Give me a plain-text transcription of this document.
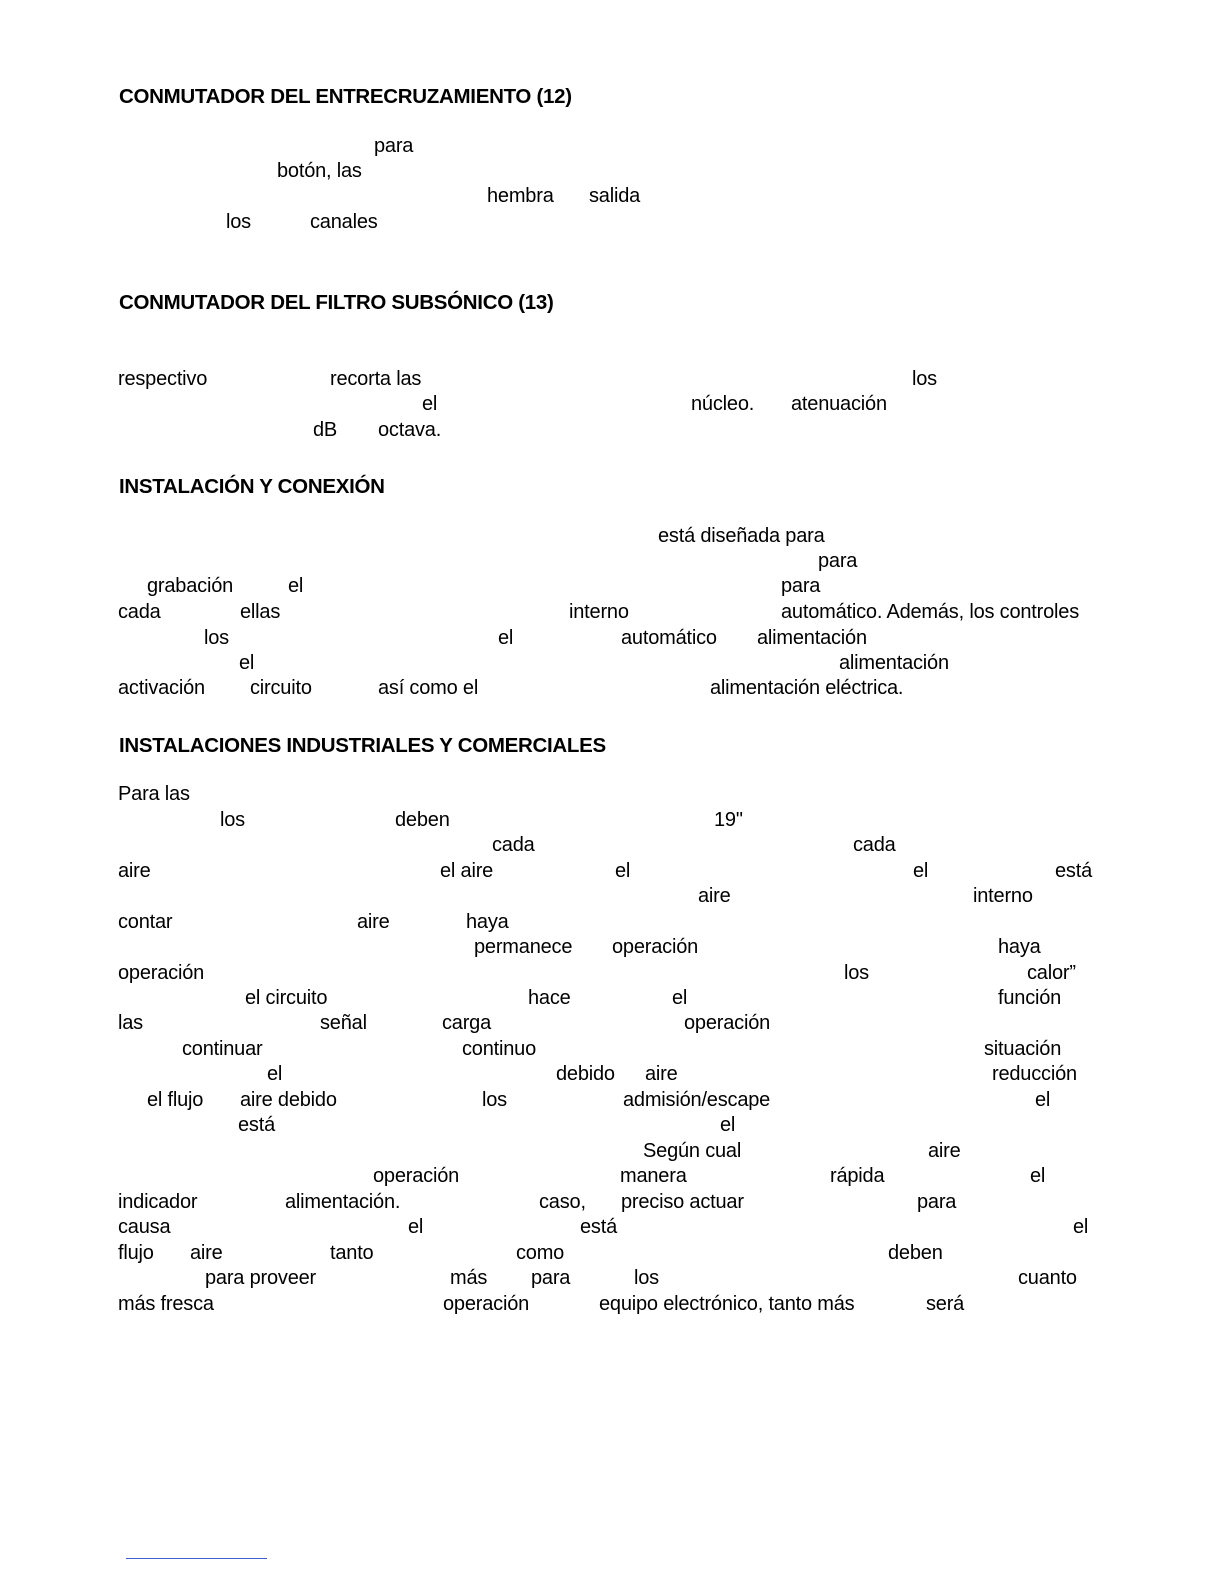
CONMUTADOR DEL ENTRECRUZAMIENTO (12)
para
botón, las
hembra salida
los	canales
CONMUTADOR DEL FILTRO SUBSÓNICO (13)
respectivo	recorta las	los
el	núcleo. atenuación
dB octava.
INSTALACIÓN Y CONEXIÓN
está diseñada para
para
grabación	el	para
cada	ellas	interno	automático. Además, los controles
los	el	automático alimentación
el	alimentación
activación circuito	así como el	alimentación eléctrica.
INSTALACIONES INDUSTRIALES Y COMERCIALES
Para las
los	deben	19"
cada	cada
aire	el aire	el	el	está
aire	interno
contar	aire	haya
permanece operación	haya
operación	los	calor”
el circuito	hace	el	función
las	señal	carga	operación
continuar	continuo	situación
el	debido aire	reducción
el flujo aire debido	los	admisión/escape	el
está	el
Según cual	aire
operación	manera	rápida	el
indicador	alimentación.	caso, preciso actuar	para
causa	el	está	el
flujo aire	tanto	como	deben
para proveer	más para	los	cuanto
más fresca	operación	equipo electrónico, tanto más	será
